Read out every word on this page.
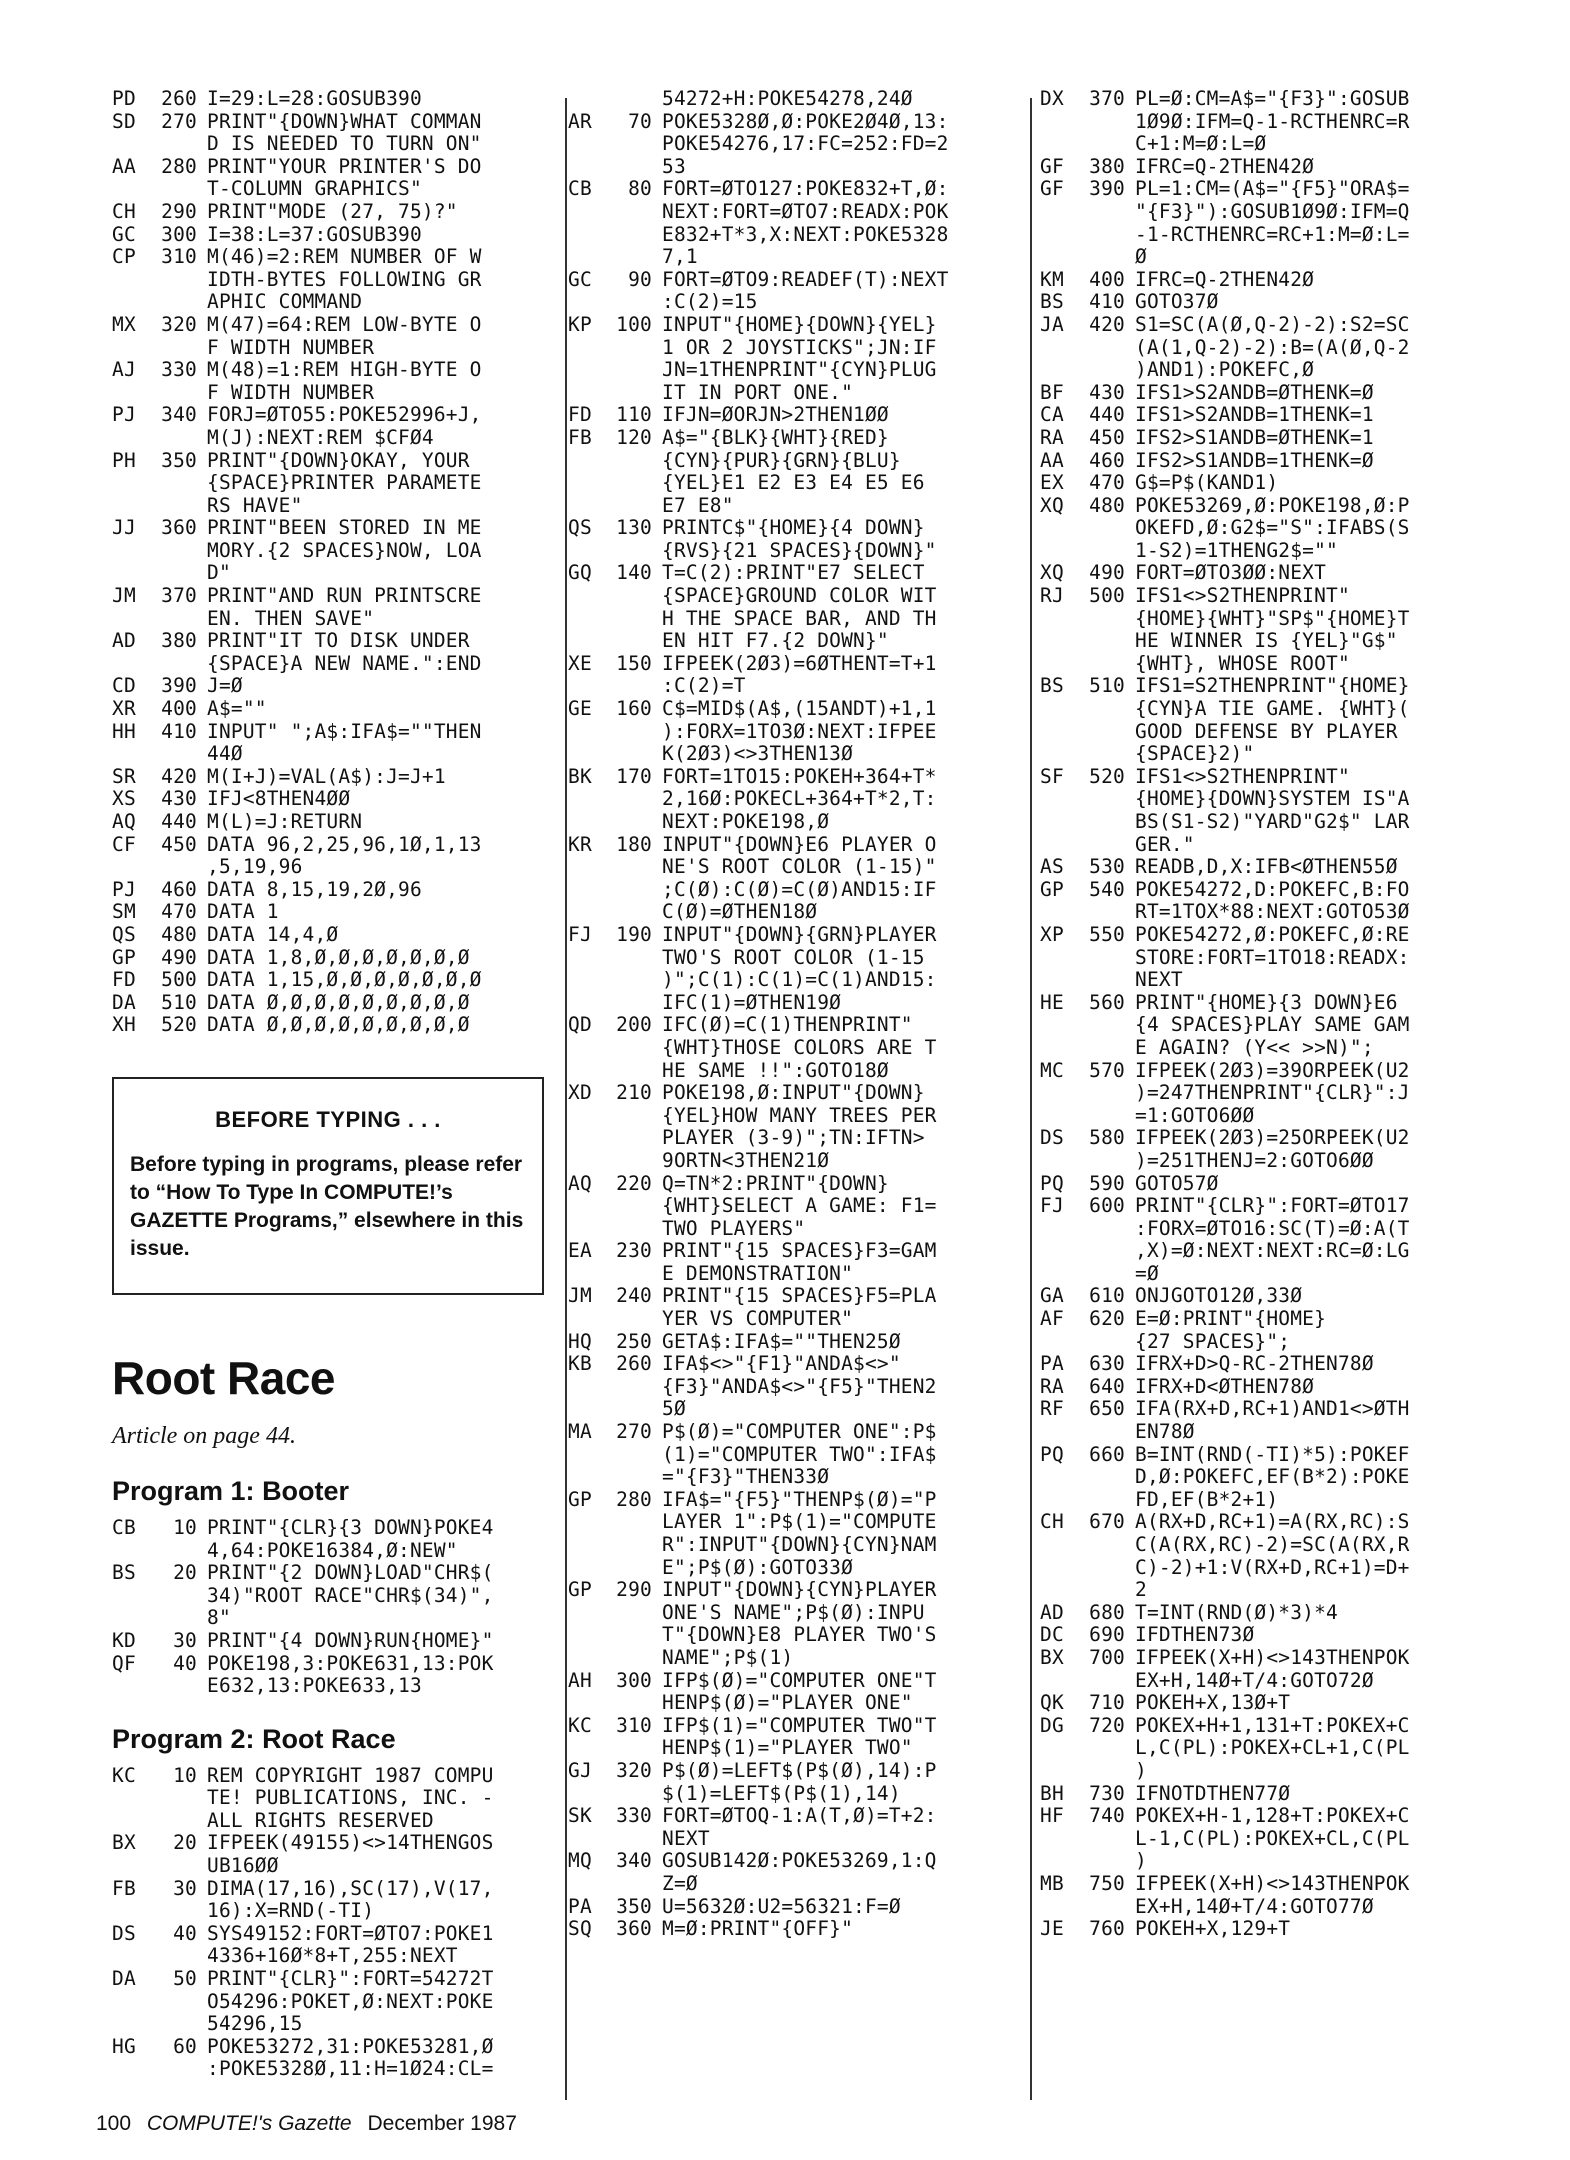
PD	260 I=29:L=28:GOSUB390
SD	270 PRINT"{DOWN}WHAT COMMAN
D IS NEEDED TO TURN ON"
AA	280 PRINT"YOUR PRINTER'S DO
T-COLUMN GRAPHICS"
CH	290 PRINT"MODE (27, 75)?"
GC	300 I=38:L=37:GOSUB390
CP	310 M(46)=2:REM NUMBER OF W
IDTH-BYTES FOLLOWING GR
APHIC COMMAND
MX	320 M(47)=64:REM LOW-BYTE O
F WIDTH NUMBER
AJ	330 M(48)=1:REM HIGH-BYTE O
F WIDTH NUMBER
PJ	340 FORJ=ØTO55:POKE52996+J,
M(J):NEXT:REM $CFØ4
PH	350 PRINT"{DOWN}OKAY, YOUR
{SPACE}PRINTER PARAMETE
RS HAVE"
JJ	360 PRINT"BEEN STORED IN ME
MORY.{2 SPACES}NOW, LOA
D"
JM	370 PRINT"AND RUN PRINTSCRE
EN. THEN SAVE"
AD	380 PRINT"IT TO DISK UNDER
{SPACE}A NEW NAME.":END
CD	390 J=Ø
XR	400 A$=""
HH	410 INPUT" ";A$:IFA$=""THEN
44Ø
SR	420 M(I+J)=VAL(A$):J=J+1
XS	430 IFJ<8THEN4ØØ
AQ	440 M(L)=J:RETURN
CF	450 DATA 96,2,25,96,1Ø,1,13
,5,19,96
PJ	460 DATA 8,15,19,2Ø,96
SM	470 DATA 1
QS	480 DATA 14,4,Ø
GP	490 DATA 1,8,Ø,Ø,Ø,Ø,Ø,Ø,Ø
FD	500 DATA 1,15,Ø,Ø,Ø,Ø,Ø,Ø,Ø
DA	510 DATA Ø,Ø,Ø,Ø,Ø,Ø,Ø,Ø,Ø
XH	520 DATA Ø,Ø,Ø,Ø,Ø,Ø,Ø,Ø,Ø
BEFORE TYPING . . .

Before typing in programs, please refer to “How To Type In COMPUTE!’s GAZETTE Programs,” elsewhere in this issue.

Root Race
Article on page 44.
Program 1: Booter
CB	10 PRINT"{CLR}{3 DOWN}POKE4
4,64:POKE16384,Ø:NEW"
BS	20 PRINT"{2 DOWN}LOAD"CHR$(
34)"ROOT RACE"CHR$(34)",
8"
KD	30 PRINT"{4 DOWN}RUN{HOME}"
QF	40 POKE198,3:POKE631,13:POK
E632,13:POKE633,13
Program 2: Root Race
KC	10 REM COPYRIGHT 1987 COMPU
TE! PUBLICATIONS, INC. -
ALL RIGHTS RESERVED
BX	20 IFPEEK(49155)<>14THENGOS
UB16ØØ
FB	30 DIMA(17,16),SC(17),V(17,
16):X=RND(-TI)
DS	40 SYS49152:FORT=ØTO7:POKE1
4336+16Ø*8+T,255:NEXT
DA	50 PRINT"{CLR}":FORT=54272T
O54296:POKET,Ø:NEXT:POKE
54296,15
HG	60 POKE53272,31:POKE53281,Ø
:POKE5328Ø,11:H=1Ø24:CL=
54272+H:POKE54278,24Ø
AR	70 POKE5328Ø,Ø:POKE2Ø4Ø,13:
POKE54276,17:FC=252:FD=2
53
CB	80 FORT=ØTO127:POKE832+T,Ø:
NEXT:FORT=ØTO7:READX:POK
E832+T*3,X:NEXT:POKE5328
7,1
GC	90 FORT=ØTO9:READEF(T):NEXT
:C(2)=15
KP	100 INPUT"{HOME}{DOWN}{YEL}
1 OR 2 JOYSTICKS";JN:IF
JN=1THENPRINT"{CYN}PLUG
IT IN PORT ONE."
FD	110 IFJN=ØORJN>2THEN1ØØ
FB	120 A$="{BLK}{WHT}{RED}
{CYN}{PUR}{GRN}{BLU}
{YEL}E1 E2 E3 E4 E5 E6
E7 E8"
QS	130 PRINTC$"{HOME}{4 DOWN}
{RVS}{21 SPACES}{DOWN}"
GQ	140 T=C(2):PRINT"E7 SELECT
{SPACE}GROUND COLOR WIT
H THE SPACE BAR, AND TH
EN HIT F7.{2 DOWN}"
XE	150 IFPEEK(2Ø3)=6ØTHENT=T+1
:C(2)=T
GE	160 C$=MID$(A$,(15ANDT)+1,1
):FORX=1TO3Ø:NEXT:IFPEE
K(2Ø3)<>3THEN13Ø
BK	170 FORT=1TO15:POKEH+364+T*
2,16Ø:POKECL+364+T*2,T:
NEXT:POKE198,Ø
KR	180 INPUT"{DOWN}E6 PLAYER O
NE'S ROOT COLOR (1-15)"
;C(Ø):C(Ø)=C(Ø)AND15:IF
C(Ø)=ØTHEN18Ø
FJ	190 INPUT"{DOWN}{GRN}PLAYER
TWO'S ROOT COLOR (1-15
)";C(1):C(1)=C(1)AND15:
IFC(1)=ØTHEN19Ø
QD	200 IFC(Ø)=C(1)THENPRINT"
{WHT}THOSE COLORS ARE T
HE SAME !!":GOTO18Ø
XD	210 POKE198,Ø:INPUT"{DOWN}
{YEL}HOW MANY TREES PER
PLAYER (3-9)";TN:IFTN>
9ORTN<3THEN21Ø
AQ	220 Q=TN*2:PRINT"{DOWN}
{WHT}SELECT A GAME: F1=
TWO PLAYERS"
EA	230 PRINT"{15 SPACES}F3=GAM
E DEMONSTRATION"
JM	240 PRINT"{15 SPACES}F5=PLA
YER VS COMPUTER"
HQ	250 GETA$:IFA$=""THEN25Ø
KB	260 IFA$<>"{F1}"ANDA$<>"
{F3}"ANDA$<>"{F5}"THEN2
5Ø
MA	270 P$(Ø)="COMPUTER ONE":P$
(1)="COMPUTER TWO":IFA$
="{F3}"THEN33Ø
GP	280 IFA$="{F5}"THENP$(Ø)="P
LAYER 1":P$(1)="COMPUTE
R":INPUT"{DOWN}{CYN}NAM
E";P$(Ø):GOTO33Ø
GP	290 INPUT"{DOWN}{CYN}PLAYER
ONE'S NAME";P$(Ø):INPU
T"{DOWN}E8 PLAYER TWO'S
NAME";P$(1)
AH	300 IFP$(Ø)="COMPUTER ONE"T
HENP$(Ø)="PLAYER ONE"
KC	310 IFP$(1)="COMPUTER TWO"T
HENP$(1)="PLAYER TWO"
GJ	320 P$(Ø)=LEFT$(P$(Ø),14):P
$(1)=LEFT$(P$(1),14)
SK	330 FORT=ØTOQ-1:A(T,Ø)=T+2:
NEXT
MQ	340 GOSUB142Ø:POKE53269,1:Q
Z=Ø
PA	350 U=5632Ø:U2=56321:F=Ø
SQ	360 M=Ø:PRINT"{OFF}"
DX	370 PL=Ø:CM=A$="{F3}":GOSUB
1Ø9Ø:IFM=Q-1-RCTHENRC=R
C+1:M=Ø:L=Ø
GF	380 IFRC=Q-2THEN42Ø
GF	390 PL=1:CM=(A$="{F5}"ORA$=
"{F3}"):GOSUB1Ø9Ø:IFM=Q
-1-RCTHENRC=RC+1:M=Ø:L=
Ø
KM	400 IFRC=Q-2THEN42Ø
BS	410 GOTO37Ø
JA	420 S1=SC(A(Ø,Q-2)-2):S2=SC
(A(1,Q-2)-2):B=(A(Ø,Q-2
)AND1):POKEFC,Ø
BF	430 IFS1>S2ANDB=ØTHENK=Ø
CA	440 IFS1>S2ANDB=1THENK=1
RA	450 IFS2>S1ANDB=ØTHENK=1
AA	460 IFS2>S1ANDB=1THENK=Ø
EX	470 G$=P$(KAND1)
XQ	480 POKE53269,Ø:POKE198,Ø:P
OKEFD,Ø:G2$="S":IFABS(S
1-S2)=1THENG2$=""
XQ	490 FORT=ØTO3ØØ:NEXT
RJ	500 IFS1<>S2THENPRINT"
{HOME}{WHT}"SP$"{HOME}T
HE WINNER IS {YEL}"G$"
{WHT}, WHOSE ROOT"
BS	510 IFS1=S2THENPRINT"{HOME}
{CYN}A TIE GAME. {WHT}(
GOOD DEFENSE BY PLAYER
{SPACE}2)"
SF	520 IFS1<>S2THENPRINT"
{HOME}{DOWN}SYSTEM IS"A
BS(S1-S2)"YARD"G2$" LAR
GER."
AS	530 READB,D,X:IFB<ØTHEN55Ø
GP	540 POKE54272,D:POKEFC,B:FO
RT=1TOX*88:NEXT:GOTO53Ø
XP	550 POKE54272,Ø:POKEFC,Ø:RE
STORE:FORT=1TO18:READX:
NEXT
HE	560 PRINT"{HOME}{3 DOWN}E6
{4 SPACES}PLAY SAME GAM
E AGAIN? (Y<< >>N)";
MC	570 IFPEEK(2Ø3)=39ORPEEK(U2
)=247THENPRINT"{CLR}":J
=1:GOTO6ØØ
DS	580 IFPEEK(2Ø3)=25ORPEEK(U2
)=251THENJ=2:GOTO6ØØ
PQ	590 GOTO57Ø
FJ	600 PRINT"{CLR}":FORT=ØTO17
:FORX=ØTO16:SC(T)=Ø:A(T
,X)=Ø:NEXT:NEXT:RC=Ø:LG
=Ø
GA	610 ONJGOTO12Ø,33Ø
AF	620 E=Ø:PRINT"{HOME}
{27 SPACES}";
PA	630 IFRX+D>Q-RC-2THEN78Ø
RA	640 IFRX+D<ØTHEN78Ø
RF	650 IFA(RX+D,RC+1)AND1<>ØTH
EN78Ø
PQ	660 B=INT(RND(-TI)*5):POKEF
D,Ø:POKEFC,EF(B*2):POKE
FD,EF(B*2+1)
CH	670 A(RX+D,RC+1)=A(RX,RC):S
C(A(RX,RC)-2)=SC(A(RX,R
C)-2)+1:V(RX+D,RC+1)=D+
2
AD	680 T=INT(RND(Ø)*3)*4
DC	690 IFDTHEN73Ø
BX	700 IFPEEK(X+H)<>143THENPOK
EX+H,14Ø+T/4:GOTO72Ø
QK	710 POKEH+X,13Ø+T
DG	720 POKEX+H+1,131+T:POKEX+C
L,C(PL):POKEX+CL+1,C(PL
)
BH	730 IFNOTDTHEN77Ø
HF	740 POKEX+H-1,128+T:POKEX+C
L-1,C(PL):POKEX+CL,C(PL
)
MB	750 IFPEEK(X+H)<>143THENPOK
EX+H,14Ø+T/4:GOTO77Ø
JE	760 POKEH+X,129+T
100 COMPUTE!'s Gazette December 1987
